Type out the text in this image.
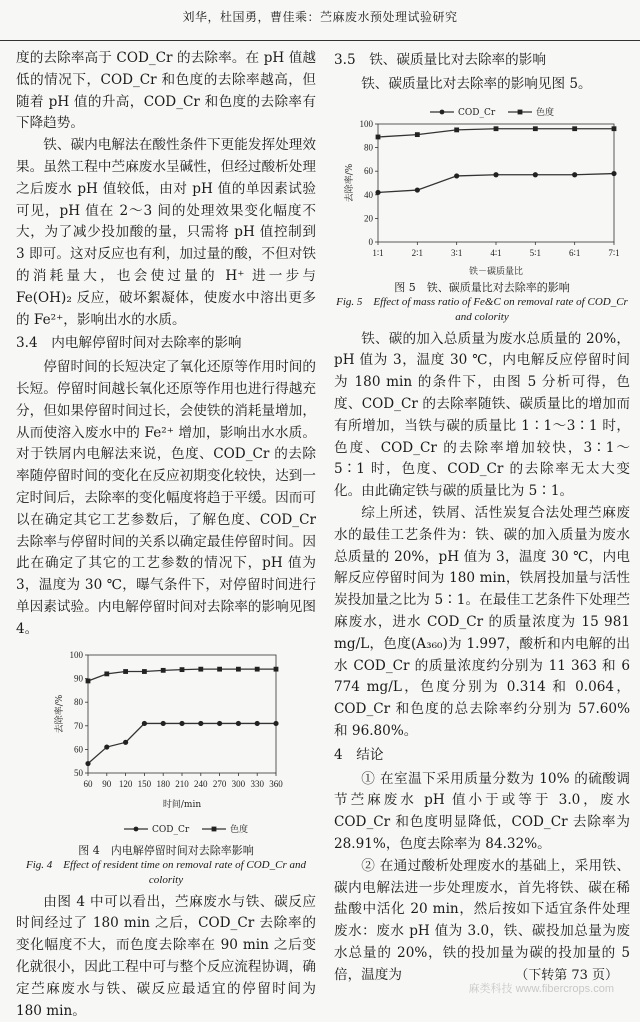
刘华，杜国勇，曹佳乘：苎麻废水预处理试验研究

度的去除率高于 COD_Cr 的去除率。在 pH 值越低的情况下，COD_Cr 和色度的去除率越高，但随着 pH 值的升高，COD_Cr 和色度的去除率有下降趋势。

铁、碳内电解法在酸性条件下更能发挥处理效果。虽然工程中苎麻废水呈碱性，但经过酸析处理之后废水 pH 值较低，由对 pH 值的单因素试验可见，pH 值在 2～3 间的处理效果变化幅度不大，为了减少投加酸的量，只需将 pH 值控制到 3 即可。这对反应也有利，加过量的酸，不但对铁的消耗量大，也会使过量的 H⁺ 进一步与 Fe(OH)₂ 反应，破坏絮凝体，使废水中溶出更多的 Fe²⁺，影响出水的水质。

3.4　内电解停留时间对去除率的影响

停留时间的长短决定了氧化还原等作用时间的长短。停留时间越长氧化还原等作用也进行得越充分，但如果停留时间过长，会使铁的消耗量增加，从而使溶入废水中的 Fe²⁺ 增加，影响出水水质。对于铁屑内电解法来说，色度、COD_Cr 的去除率随停留时间的变化在反应初期变化较快，达到一定时间后，去除率的变化幅度将趋于平缓。因而可以在确定其它工艺参数后，了解色度、COD_Cr 去除率与停留时间的关系以确定最佳停留时间。因此在确定了其它的工艺参数的情况下，pH 值为 3，温度为 30 ℃，曝气条件下，对停留时间进行单因素试验。内电解停留时间对去除率的影响见图 4。

50
60
70
80
90
100
60 90 120 150 180 210 240 270 300 330 360
去除率/%
时间/min
COD_Cr	色度
图 4　内电解停留时间对去除率影响
Fig. 4　Effect of resident time on removal rate of COD_Cr and colority

由图 4 中可以看出，苎麻废水与铁、碳反应时间经过了 180 min 之后，COD_Cr 去除率的变化幅度不大，而色度去除率在 90 min 之后变化就很小，因此工程中可与整个反应流程协调，确定苎麻废水与铁、碳反应最适宜的停留时间为 180 min。

3.5　铁、碳质量比对去除率的影响

铁、碳质量比对去除率的影响见图 5。

0
20
40
60
80
100
1∶1	2∶1	3∶1	4∶1	5∶1	6∶1	7∶1
去除率/%
铁－碳质量比
COD_Cr	色度
图 5　铁、碳质量比对去除率的影响
Fig. 5　Effect of mass ratio of Fe&C on removal rate of COD_Cr and colority

铁、碳的加入总质量为废水总质量的 20%，pH 值为 3，温度 30 ℃，内电解反应停留时间为 180 min 的条件下，由图 5 分析可得，色度、COD_Cr 的去除率随铁、碳质量比的增加而有所增加，当铁与碳的质量比 1∶1～3∶1 时，色度、COD_Cr 的去除率增加较快，3∶1～5∶1 时，色度、COD_Cr 的去除率无太大变化。由此确定铁与碳的质量比为 5∶1。

综上所述，铁屑、活性炭复合法处理苎麻废水的最佳工艺条件为：铁、碳的加入质量为废水总质量的 20%，pH 值为 3，温度 30 ℃，内电解反应停留时间为 180 min，铁屑投加量与活性炭投加量之比为 5∶1。在最佳工艺条件下处理苎麻废水，进水 COD_Cr 的质量浓度为 15 981 mg/L，色度(A₃₆₀)为 1.997，酸析和内电解的出水 COD_Cr 的质量浓度约分别为 11 363 和 6 774 mg/L，色度分别为 0.314 和 0.064，COD_Cr 和色度的总去除率约分别为 57.60% 和 96.80%。

4　结论

① 在室温下采用质量分数为 10% 的硫酸调节苎麻废水 pH 值小于或等于 3.0，废水 COD_Cr 和色度明显降低，COD_Cr 去除率为 28.91%，色度去除率为 84.32%。

② 在通过酸析处理废水的基础上，采用铁、碳内电解法进一步处理废水，首先将铁、碳在稀盐酸中活化 20 min，然后按如下适宜条件处理废水：废水 pH 值为 3.0，铁、碳投加总量为废水总量的 20%，铁的投加量为碳的投加量的 5 倍，温度为	（下转第 73 页）
麻类科技 www.fibercrops.com
